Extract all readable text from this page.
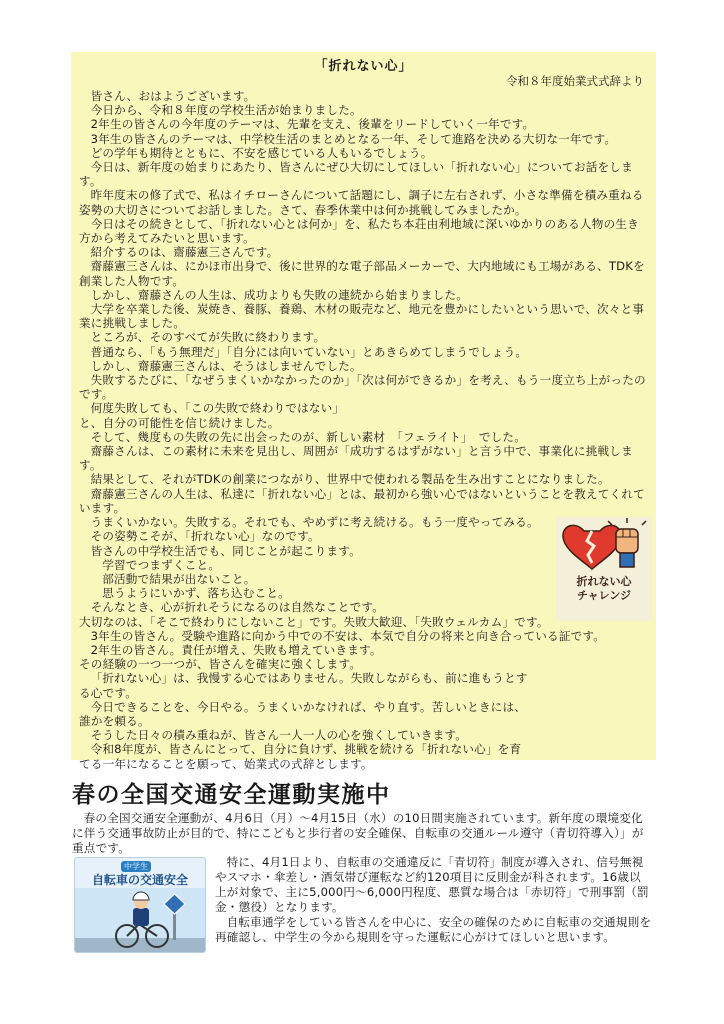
「折れない心」
令和８年度始業式式辞より
皆さん、おはようございます。
今日から、令和８年度の学校生活が始まりました。
2年生の皆さんの今年度のテーマは、先輩を支え、後輩をリードしていく一年です。
3年生の皆さんのテーマは、中学校生活のまとめとなる一年、そして進路を決める大切な一年です。
どの学年も期待とともに、不安を感じている人もいるでしょう。
今日は、新年度の始まりにあたり、皆さんにぜひ大切にしてほしい「折れない心」についてお話をします。
昨年度末の修了式で、私はイチローさんについて話題にし、調子に左右されず、小さな準備を積み重ねる姿勢の大切さについてお話しました。さて、春季休業中は何か挑戦してみましたか。
今日はその続きとして、「折れない心とは何か」を、私たち本荘由利地域に深いゆかりのある人物の生き方から考えてみたいと思います。
紹介するのは、齋藤憲三さんです。
齋藤憲三さんは、にかほ市出身で、後に世界的な電子部品メーカーで、大内地域にも工場がある、TDKを創業した人物です。
しかし、齋藤さんの人生は、成功よりも失敗の連続から始まりました。
大学を卒業した後、炭焼き、養豚、養鶏、木材の販売など、地元を豊かにしたいという思いで、次々と事業に挑戦しました。
ところが、そのすべてが失敗に終わります。
普通なら、「もう無理だ」「自分には向いていない」とあきらめてしまうでしょう。
しかし、齋藤憲三さんは、そうはしませんでした。
失敗するたびに、「なぜうまくいかなかったのか」「次は何ができるか」を考え、もう一度立ち上がったのです。
何度失敗しても、「この失敗で終わりではない」
と、自分の可能性を信じ続けました。
そして、幾度もの失敗の先に出会ったのが、新しい素材　「フェライト」　でした。
齋藤さんは、この素材に未来を見出し、周囲が「成功するはずがない」と言う中で、事業化に挑戦します。
結果として、それがTDKの創業につながり、世界中で使われる製品を生み出すことになりました。
齋藤憲三さんの人生は、私達に「折れない心」とは、最初から強い心ではないということを教えてくれています。
うまくいかない。失敗する。それでも、やめずに考え続ける。もう一度やってみる。
その姿勢こそが、「折れない心」なのです。
皆さんの中学校生活でも、同じことが起こります。
学習でつまずくこと。
部活動で結果が出ないこと。
思うようにいかず、落ち込むこと。
そんなとき、心が折れそうになるのは自然なことです。
大切なのは、「そこで終わりにしないこと」です。失敗大歓迎、「失敗ウェルカム」です。
3年生の皆さん。受験や進路に向かう中での不安は、本気で自分の将来と向き合っている証です。
2年生の皆さん。責任が増え、失敗も増えていきます。
その経験の一つ一つが、皆さんを確実に強くします。
「折れない心」は、我慢する心ではありません。失敗しながらも、前に進もうとする心です。
今日できることを、今日やる。うまくいかなければ、やり直す。苦しいときには、誰かを頼る。
そうした日々の積み重ねが、皆さん一人一人の心を強くしていきます。
令和8年度が、皆さんにとって、自分に負けず、挑戦を続ける「折れない心」を育てる一年になることを願って、始業式の式辞とします。
折れない心
チャレンジ
春の全国交通安全運動実施中
春の全国交通安全運動が、4月6日（月）～4月15日（水）の10日間実施されています。新年度の環境変化に伴う交通事故防止が目的で、特にこどもと歩行者の安全確保、自転車の交通ルール遵守（青切符導入）」が重点です。
中学生
自転車の交通安全
特に、4月1日より、自転車の交通違反に「青切符」制度が導入され、信号無視やスマホ・傘差し・酒気帯び運転など約120項目に反則金が科されます。16歳以上が対象で、主に5,000円～6,000円程度、悪質な場合は「赤切符」で刑事罰（罰金・懲役）となります。
自転車通学をしている皆さんを中心に、安全の確保のために自転車の交通規則を再確認し、中学生の今から規則を守った運転に心がけてほしいと思います。
